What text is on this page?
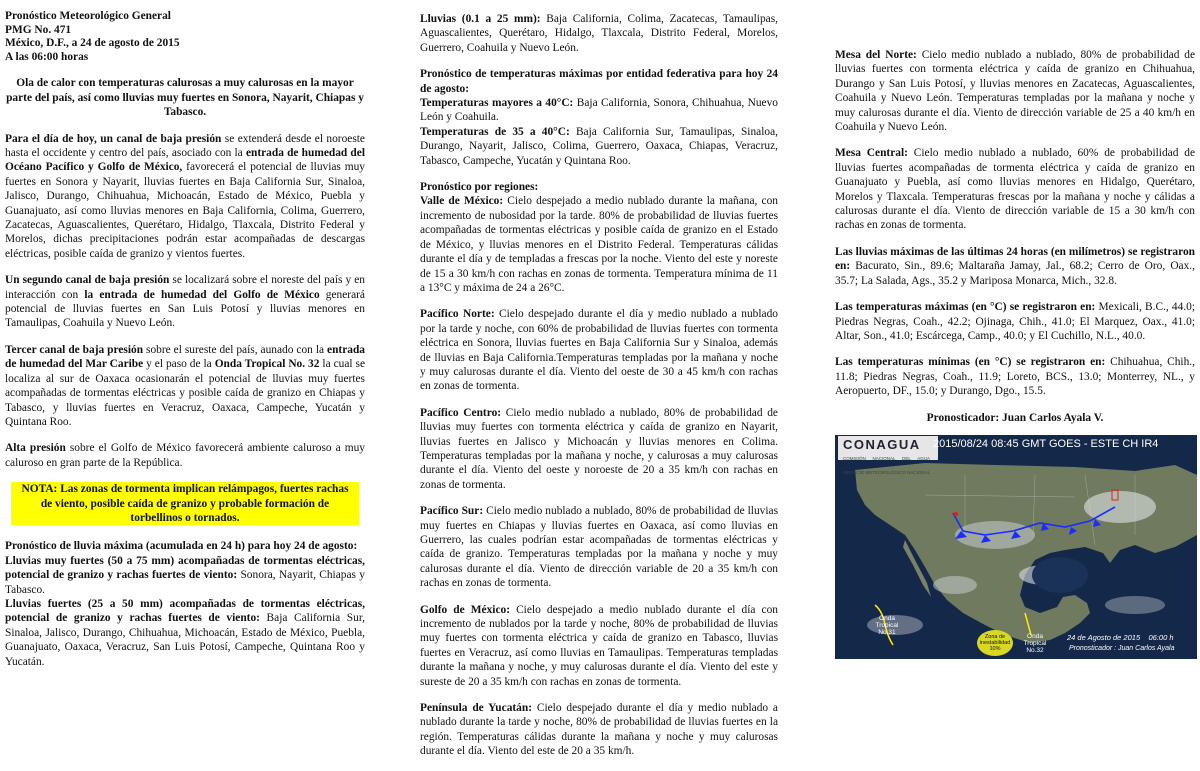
Pronóstico Meteorológico General
PMG No. 471
México, D.F., a 24 de agosto de 2015
A las 06:00 horas

Ola de calor con temperaturas calurosas a muy calurosas en la mayor parte del país, así como lluvias muy fuertes en Sonora, Nayarit, Chiapas y Tabasco.

Para el día de hoy, un canal de baja presión se extenderá desde el noroeste hasta el occidente y centro del país, asociado con la entrada de humedad del Océano Pacífico y Golfo de México, favorecerá el potencial de lluvias muy fuertes en Sonora y Nayarit, lluvias fuertes en Baja California Sur, Sinaloa, Jalisco, Durango, Chihuahua, Michoacán, Estado de México, Puebla y Guanajuato, así como lluvias menores en Baja California, Colima, Guerrero, Zacatecas, Aguascalientes, Querétaro, Hidalgo, Tlaxcala, Distrito Federal y Morelos, dichas precipitaciones podrán estar acompañadas de descargas eléctricas, posible caída de granizo y vientos fuertes.

Un segundo canal de baja presión se localizará sobre el noreste del país y en interacción con la entrada de humedad del Golfo de México generará potencial de lluvias fuertes en San Luis Potosí y lluvias menores en Tamaulipas, Coahuila y Nuevo León.

Tercer canal de baja presión sobre el sureste del país, aunado con la entrada de humedad del Mar Caribe y el paso de la Onda Tropical No. 32 la cual se localiza al sur de Oaxaca ocasionarán el potencial de lluvias muy fuertes acompañadas de tormentas eléctricas y posible caída de granizo en Chiapas y Tabasco, y lluvias fuertes en Veracruz, Oaxaca, Campeche, Yucatán y Quintana Roo.

Alta presión sobre el Golfo de México favorecerá ambiente caluroso a muy caluroso en gran parte de la República.

NOTA: Las zonas de tormenta implican relámpagos, fuertes rachas de viento, posible caída de granizo y probable formación de torbellinos o tornados.

Pronóstico de lluvia máxima (acumulada en 24 h) para hoy 24 de agosto:

Lluvias muy fuertes (50 a 75 mm) acompañadas de tormentas eléctricas, potencial de granizo y rachas fuertes de viento: Sonora, Nayarit, Chiapas y Tabasco.

Lluvias fuertes (25 a 50 mm) acompañadas de tormentas eléctricas, potencial de granizo y rachas fuertes de viento: Baja California Sur, Sinaloa, Jalisco, Durango, Chihuahua, Michoacán, Estado de México, Puebla, Guanajuato, Oaxaca, Veracruz, San Luis Potosí, Campeche, Quintana Roo y Yucatán.

Lluvias (0.1 a 25 mm): Baja California, Colima, Zacatecas, Tamaulipas, Aguascalientes, Querétaro, Hidalgo, Tlaxcala, Distrito Federal, Morelos, Guerrero, Coahuila y Nuevo León.

Pronóstico de temperaturas máximas por entidad federativa para hoy 24 de agosto:

Temperaturas mayores a 40°C: Baja California, Sonora, Chihuahua, Nuevo León y Coahuila.

Temperaturas de 35 a 40°C: Baja California Sur, Tamaulipas, Sinaloa, Durango, Nayarit, Jalisco, Colima, Guerrero, Oaxaca, Chiapas, Veracruz, Tabasco, Campeche, Yucatán y Quintana Roo.

Pronóstico por regiones:

Valle de México: Cielo despejado a medio nublado durante la mañana, con incremento de nubosidad por la tarde. 80% de probabilidad de lluvias fuertes acompañadas de tormentas eléctricas y posible caída de granizo en el Estado de México, y lluvias menores en el Distrito Federal. Temperaturas cálidas durante el día y de templadas a frescas por la noche. Viento del este y noreste de 15 a 30 km/h con rachas en zonas de tormenta. Temperatura mínima de 11 a 13°C y máxima de 24 a 26°C.

Pacífico Norte: Cielo despejado durante el día y medio nublado a nublado por la tarde y noche, con 60% de probabilidad de lluvias fuertes con tormenta eléctrica en Sonora, lluvias fuertes en Baja California Sur y Sinaloa, además de lluvias en Baja California.Temperaturas templadas por la mañana y noche y muy calurosas durante el día. Viento del oeste de 30 a 45 km/h con rachas en zonas de tormenta.

Pacífico Centro: Cielo medio nublado a nublado, 80% de probabilidad de lluvias muy fuertes con tormenta eléctrica y caída de granizo en Nayarit, lluvias fuertes en Jalisco y Michoacán y lluvias menores en Colima. Temperaturas templadas por la mañana y noche, y calurosas a muy calurosas durante el día. Viento del oeste y noroeste de 20 a 35 km/h con rachas en zonas de tormenta.

Pacífico Sur: Cielo medio nublado a nublado, 80% de probabilidad de lluvias muy fuertes en Chiapas y lluvias fuertes en Oaxaca, así como lluvias en Guerrero, las cuales podrían estar acompañadas de tormentas eléctricas y caída de granizo. Temperaturas templadas por la mañana y noche y muy calurosas durante el día. Viento de dirección variable de 20 a 35 km/h con rachas en zonas de tormenta.

Golfo de México: Cielo despejado a medio nublado durante el día con incremento de nublados por la tarde y noche, 80% de probabilidad de lluvias muy fuertes con tormenta eléctrica y caída de granizo en Tabasco, lluvias fuertes en Veracruz, así como lluvias en Tamaulipas. Temperaturas templadas durante la mañana y noche, y muy calurosas durante el día. Viento del este y sureste de 20 a 35 km/h con rachas en zonas de tormenta.

Península de Yucatán: Cielo despejado durante el día y medio nublado a nublado durante la tarde y noche, 80% de probabilidad de lluvias fuertes en la región. Temperaturas cálidas durante la mañana y noche y muy calurosas durante el día. Viento del este de 20 a 35 km/h.

Mesa del Norte: Cielo medio nublado a nublado, 80% de probabilidad de lluvias fuertes con tormenta eléctrica y caída de granizo en Chihuahua, Durango y San Luis Potosí, y lluvias menores en Zacatecas, Aguascalientes, Coahuila y Nuevo León. Temperaturas templadas por la mañana y noche y muy calurosas durante el día. Viento de dirección variable de 25 a 40 km/h en Coahuila y Nuevo León.

Mesa Central: Cielo medio nublado a nublado, 60% de probabilidad de lluvias fuertes acompañadas de tormenta eléctrica y caída de granizo en Guanajuato y Puebla, así como lluvias menores en Hidalgo, Querétaro, Morelos y Tlaxcala. Temperaturas frescas por la mañana y noche y cálidas a calurosas durante el día. Viento de dirección variable de 15 a 30 km/h con rachas en zonas de tormenta.

Las lluvias máximas de las últimas 24 horas (en milímetros) se registraron en: Bacurato, Sin., 89.6; Maltaraña Jamay, Jal., 68.2; Cerro de Oro, Oax., 35.7; La Salada, Ags., 35.2 y Mariposa Monarca, Mich., 32.8.

Las temperaturas máximas (en °C) se registraron en: Mexicali, B.C., 44.0; Piedras Negras, Coah., 42.2; Ojinaga, Chih., 41.0; El Marquez, Oax., 41.0; Altar, Son., 41.0; Escárcega, Camp., 40.0; y El Cuchillo, N.L., 40.0.

Las temperaturas mínimas (en °C) se registraron en: Chihuahua, Chih., 11.8; Piedras Negras, Coah., 11.9; Loreto, BCS., 13.0; Monterrey, NL., y Aeropuerto, DF., 15.0; y Durango, Dgo., 15.5.

Pronosticador: Juan Carlos Ayala V.
CONAGUA
COMISIÓN NACIONAL DEL AGUA · SERVICIO METEOROLÓGICO NACIONAL
2015/08/24 08:45 GMT GOES - ESTE CH IR4
Zona de inestabilidad 10%
Onda Tropical No.31
Onda Tropical No.32
24 de Agosto de 2015 06:00 h
Pronosticador : Juan Carlos Ayala
